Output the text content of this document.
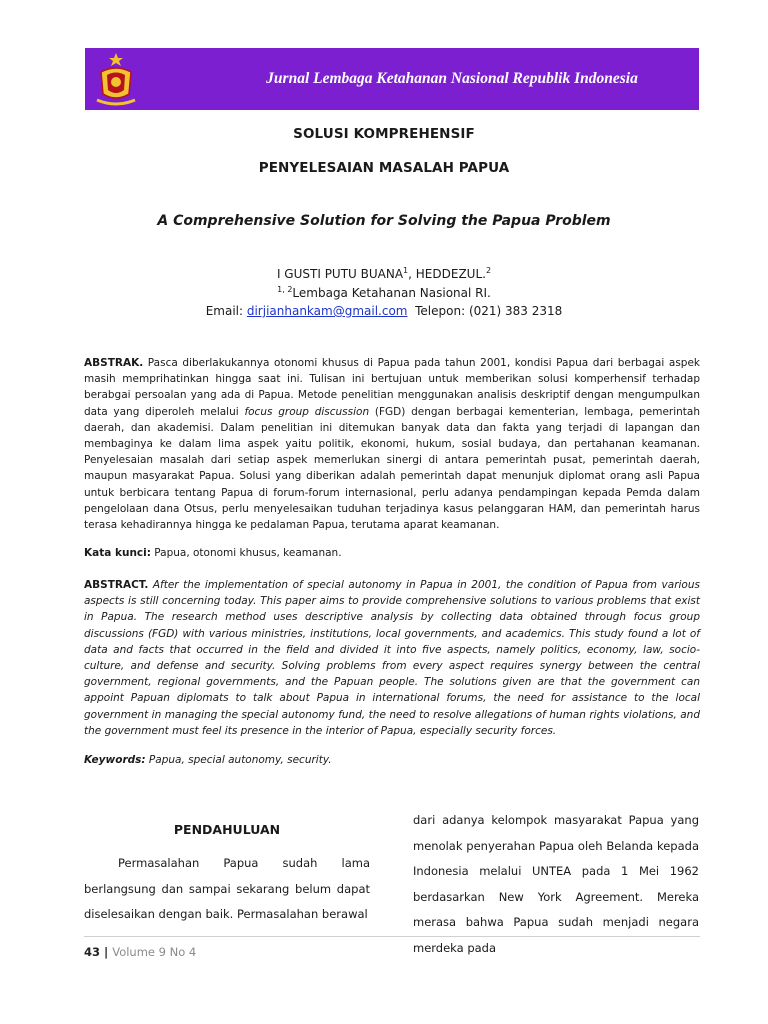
Jurnal Lembaga Ketahanan Nasional Republik Indonesia
SOLUSI KOMPREHENSIF
PENYELESAIAN MASALAH PAPUA
A Comprehensive Solution for Solving the Papua Problem
I GUSTI PUTU BUANA$^1$, HEDDEZUL.$^2$
$^{1, 2}$Lembaga Ketahanan Nasional RI.
Email: dirjianhankam@gmail.com  Telepon: (021) 383 2318

ABSTRAK. Pasca diberlakukannya otonomi khusus di Papua pada tahun 2001, kondisi Papua dari berbagai aspek masih memprihatinkan hingga saat ini. Tulisan ini bertujuan untuk memberikan solusi komperhensif terhadap berabgai persoalan yang ada di Papua. Metode penelitian menggunakan analisis deskriptif dengan mengumpulkan data yang diperoleh melalui focus group discussion (FGD) dengan berbagai kementerian, lembaga, pemerintah daerah, dan akademisi. Dalam penelitian ini ditemukan banyak data dan fakta yang terjadi di lapangan dan membaginya ke dalam lima aspek yaitu politik, ekonomi, hukum, sosial budaya, dan pertahanan keamanan. Penyelesaian masalah dari setiap aspek memerlukan sinergi di antara pemerintah pusat, pemerintah daerah, maupun masyarakat Papua. Solusi yang diberikan adalah pemerintah dapat menunjuk diplomat orang asli Papua untuk berbicara tentang Papua di forum-forum internasional, perlu adanya pendampingan kepada Pemda dalam pengelolaan dana Otsus, perlu menyelesaikan tuduhan terjadinya kasus pelanggaran HAM, dan pemerintah harus terasa kehadirannya hingga ke pedalaman Papua, terutama aparat keamanan.

Kata kunci: Papua, otonomi khusus, keamanan.

ABSTRACT. After the implementation of special autonomy in Papua in 2001, the condition of Papua from various aspects is still concerning today. This paper aims to provide comprehensive solutions to various problems that exist in Papua. The research method uses descriptive analysis by collecting data obtained through focus group discussions (FGD) with various ministries, institutions, local governments, and academics. This study found a lot of data and facts that occurred in the field and divided it into five aspects, namely politics, economy, law, socio-culture, and defense and security. Solving problems from every aspect requires synergy between the central government, regional governments, and the Papuan people. The solutions given are that the government can appoint Papuan diplomats to talk about Papua in international forums, the need for assistance to the local government in managing the special autonomy fund, the need to resolve allegations of human rights violations, and the government must feel its presence in the interior of Papua, especially security forces.

Keywords: Papua, special autonomy, security.

PENDAHULUAN

Permasalahan Papua sudah lama berlangsung dan sampai sekarang belum dapat diselesaikan dengan baik. Permasalahan berawal

dari adanya kelompok masyarakat Papua yang menolak penyerahan Papua oleh Belanda kepada Indonesia melalui UNTEA pada 1 Mei 1962 berdasarkan New York Agreement. Mereka merasa bahwa Papua sudah menjadi negara merdeka pada

43 | Volume 9 No 4
